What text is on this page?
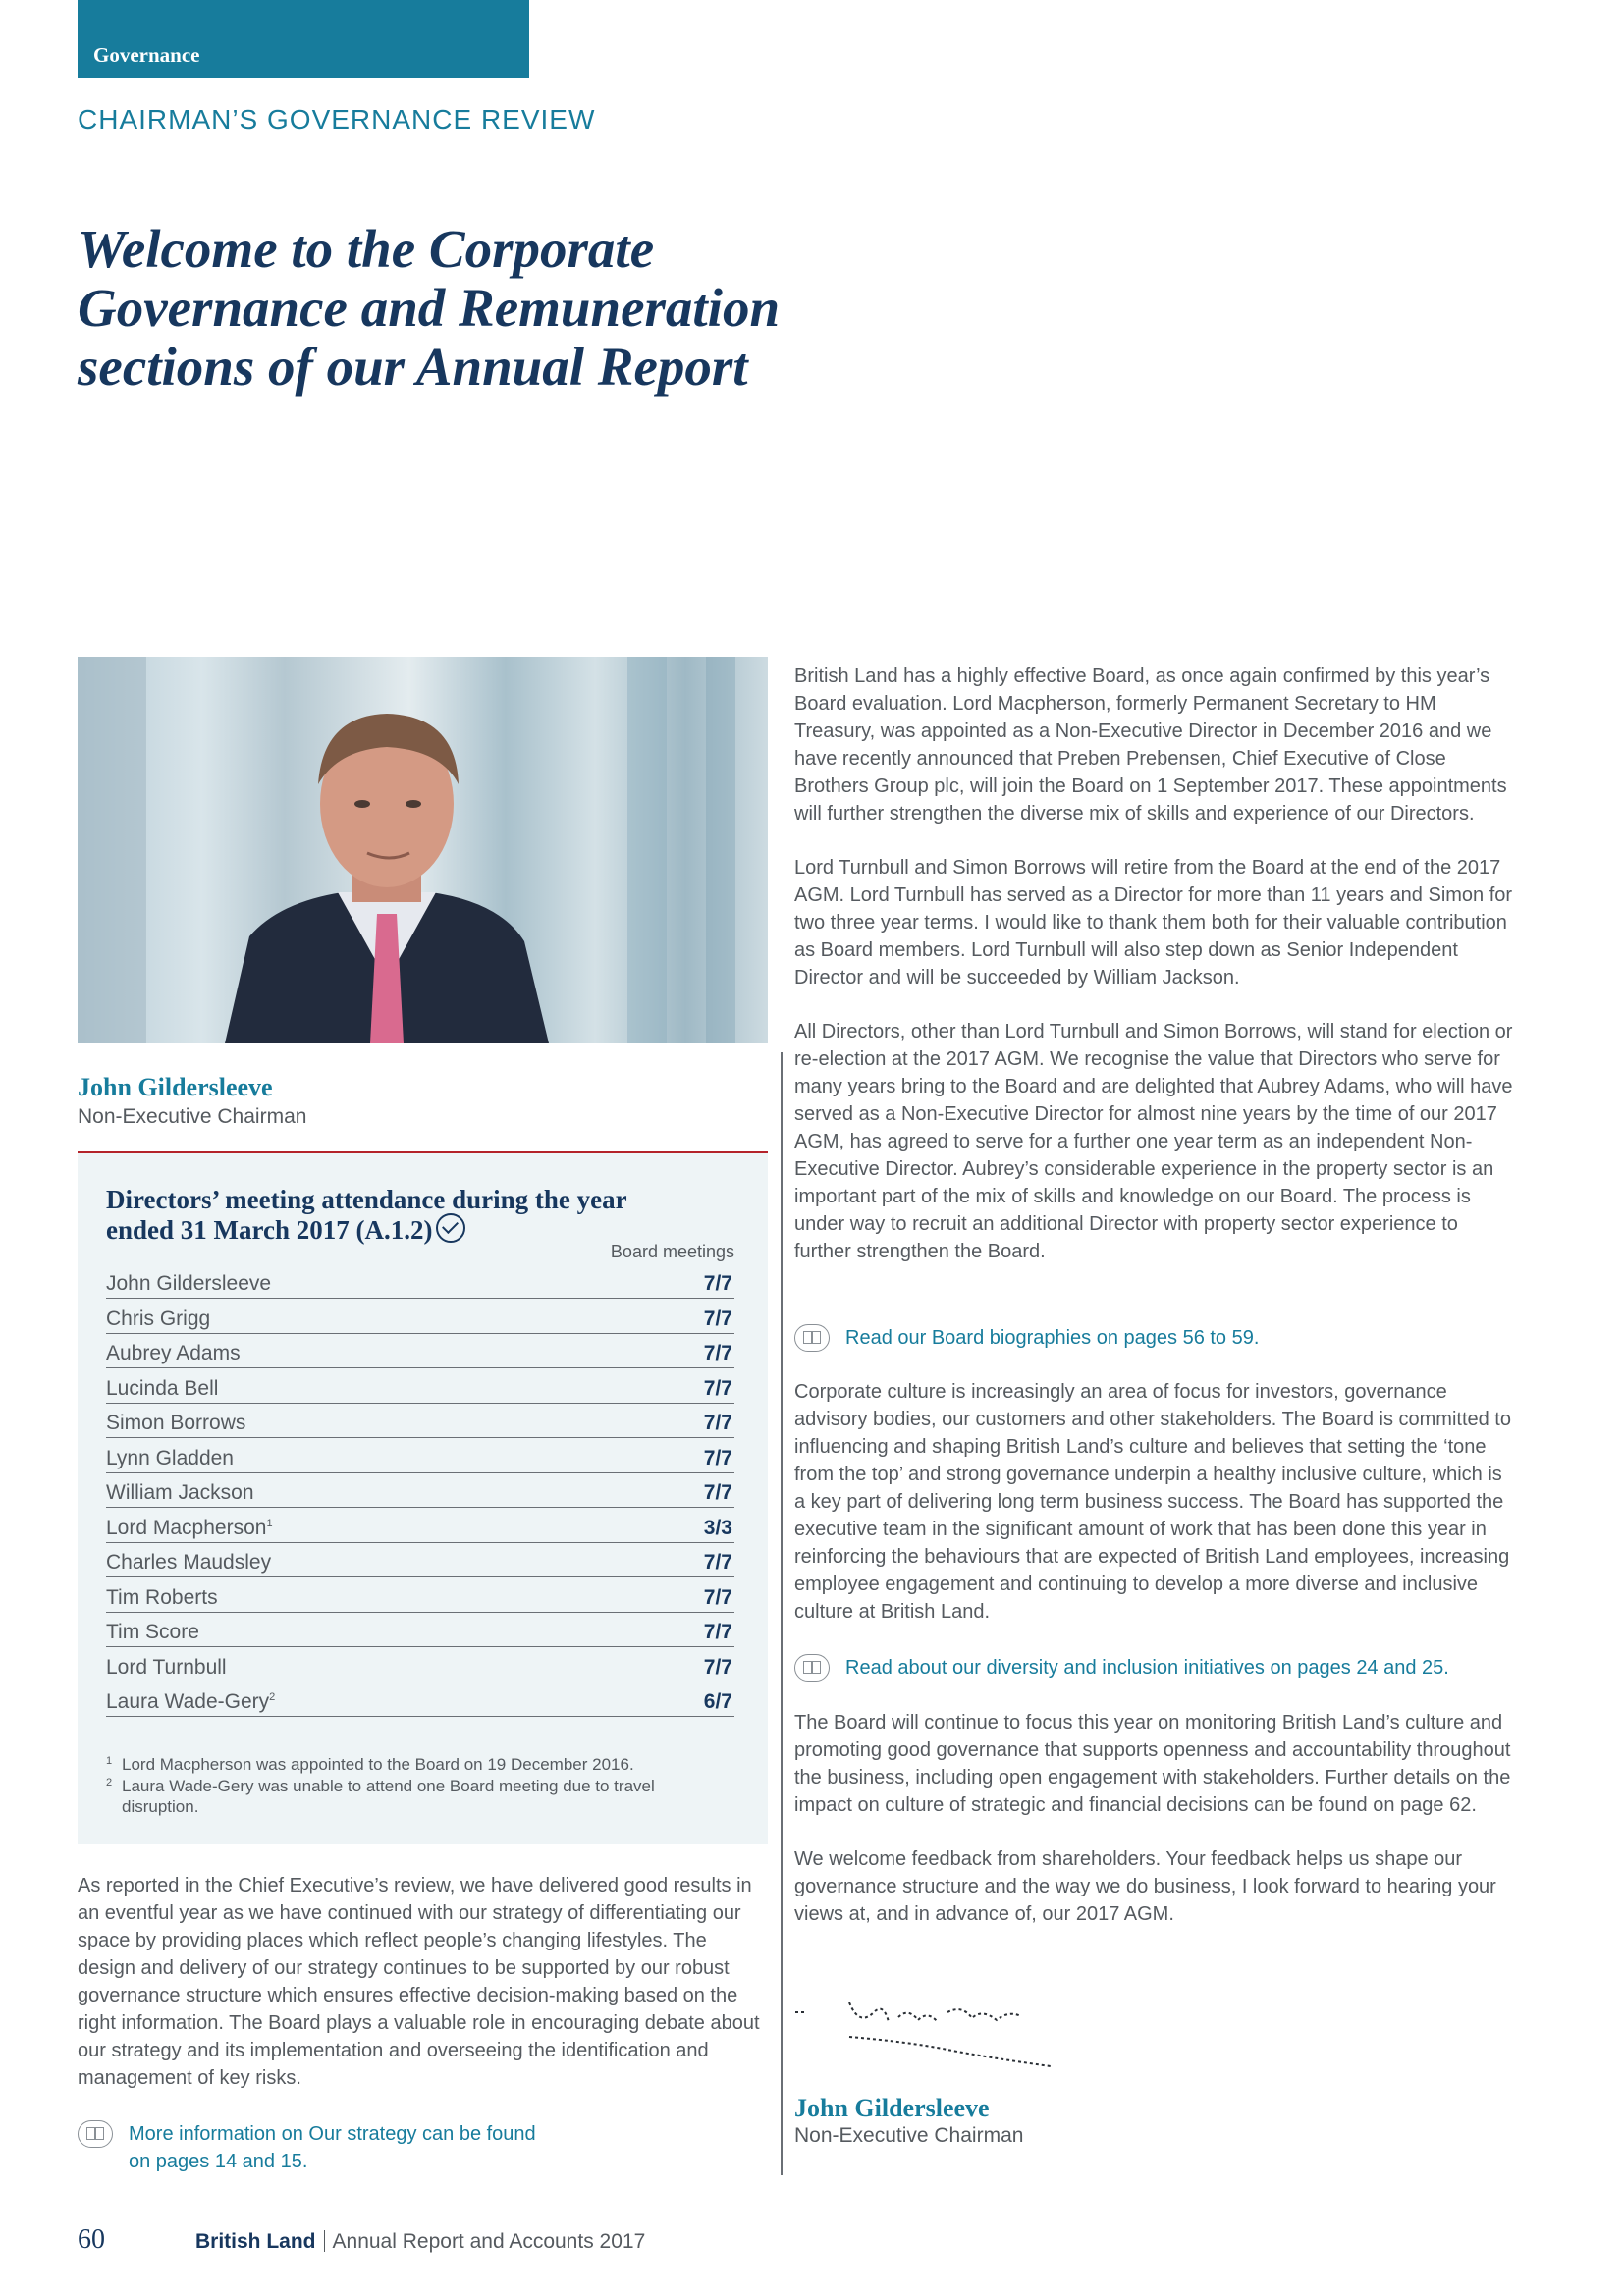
Governance
CHAIRMAN’S GOVERNANCE REVIEW
Welcome to the Corporate
Governance and Remuneration
sections of our Annual Report
John Gildersleeve
Non-Executive Chairman
Directors’ meeting attendance during the year
ended 31 March 2017 (A.1.2)
Board meetings
John Gildersleeve	7/7
Chris Grigg	7/7
Aubrey Adams	7/7
Lucinda Bell	7/7
Simon Borrows	7/7
Lynn Gladden	7/7
William Jackson	7/7
Lord Macpherson$^1$	3/3
Charles Maudsley	7/7
Tim Roberts	7/7
Tim Score	7/7
Lord Turnbull	7/7
Laura Wade-Gery$^2$	6/7
1 Lord Macpherson was appointed to the Board on 19 December 2016.
2 Laura Wade-Gery was unable to attend one Board meeting due to travel disruption.
As reported in the Chief Executive’s review, we have delivered good results in an eventful year as we have continued with our strategy of differentiating our space by providing places which reflect people’s changing lifestyles. The design and delivery of our strategy continues to be supported by our robust governance structure which ensures effective decision-making based on the right information. The Board plays a valuable role in encouraging debate about our strategy and its implementation and overseeing the identification and management of key risks.
More information on Our strategy can be found
on pages 14 and 15.

British Land has a highly effective Board, as once again confirmed by this year’s Board evaluation. Lord Macpherson, formerly Permanent Secretary to HM Treasury, was appointed as a Non-Executive Director in December 2016 and we have recently announced that Preben Prebensen, Chief Executive of Close Brothers Group plc, will join the Board on 1 September 2017. These appointments will further strengthen the diverse mix of skills and experience of our Directors.

Lord Turnbull and Simon Borrows will retire from the Board at the end of the 2017 AGM. Lord Turnbull has served as a Director for more than 11 years and Simon for two three year terms. I would like to thank them both for their valuable contribution as Board members. Lord Turnbull will also step down as Senior Independent Director and will be succeeded by William Jackson.

All Directors, other than Lord Turnbull and Simon Borrows, will stand for election or re-election at the 2017 AGM. We recognise the value that Directors who serve for many years bring to the Board and are delighted that Aubrey Adams, who will have served as a Non-Executive Director for almost nine years by the time of our 2017 AGM, has agreed to serve for a further one year term as an independent Non-Executive Director. Aubrey’s considerable experience in the property sector is an important part of the mix of skills and knowledge on our Board. The process is under way to recruit an additional Director with property sector experience to further strengthen the Board.

Read our Board biographies on pages 56 to 59.

Corporate culture is increasingly an area of focus for investors, governance advisory bodies, our customers and other stakeholders. The Board is committed to influencing and shaping British Land’s culture and believes that setting the ‘tone from the top’ and strong governance underpin a healthy inclusive culture, which is a key part of delivering long term business success. The Board has supported the executive team in the significant amount of work that has been done this year in reinforcing the behaviours that are expected of British Land employees, increasing employee engagement and continuing to develop a more diverse and inclusive culture at British Land.

Read about our diversity and inclusion initiatives on pages 24 and 25.

The Board will continue to focus this year on monitoring British Land’s culture and promoting good governance that supports openness and accountability throughout the business, including open engagement with stakeholders. Further details on the impact on culture of strategic and financial decisions can be found on page 62.

We welcome feedback from shareholders. Your feedback helps us shape our governance structure and the way we do business, I look forward to hearing your views at, and in advance of, our 2017 AGM.

John Gildersleeve
Non-Executive Chairman
60	British Land Annual Report and Accounts 2017
